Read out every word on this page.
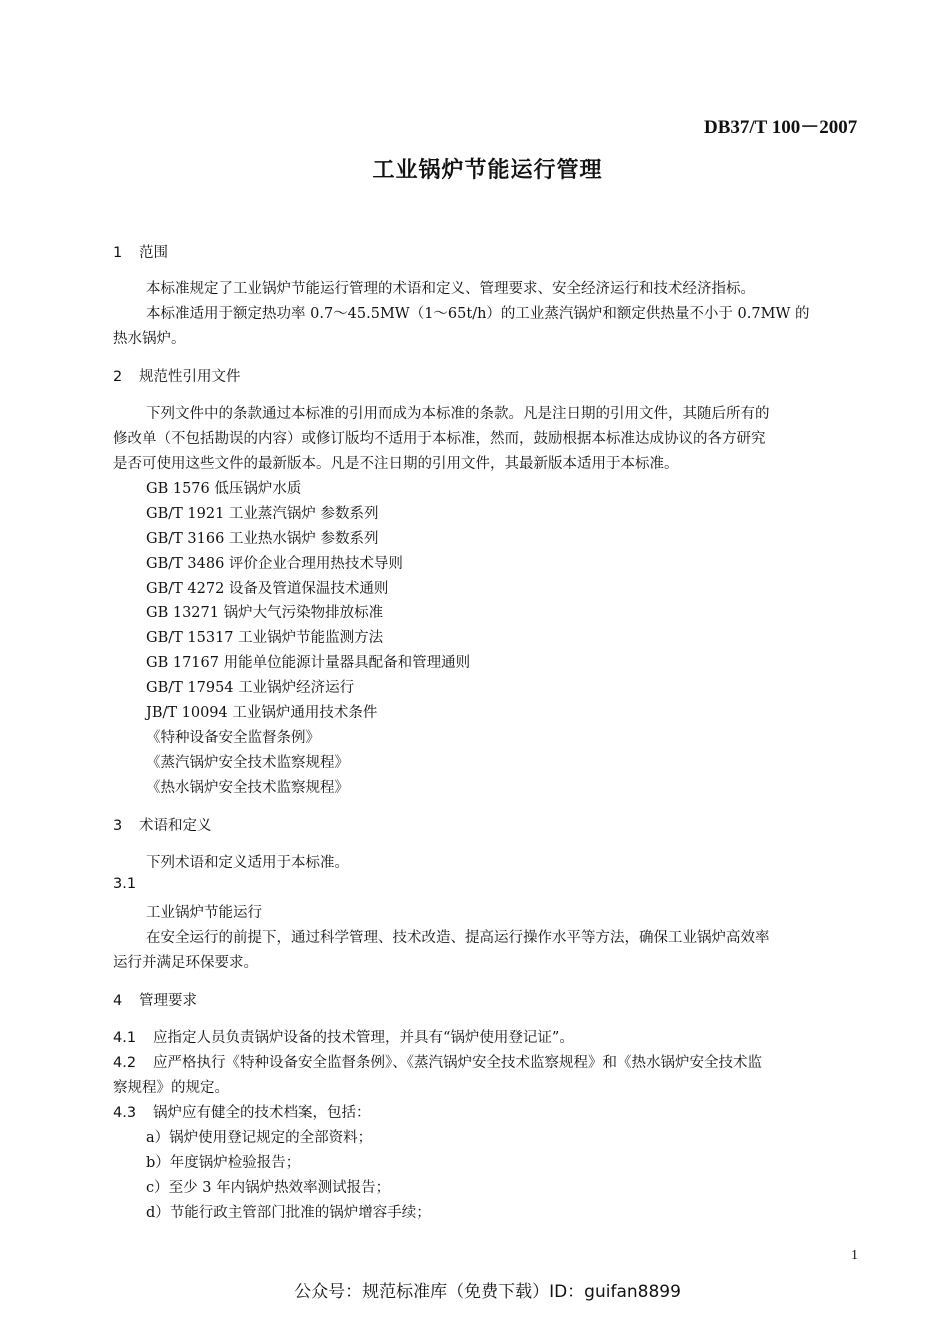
DB37/T 100－2007
工业锅炉节能运行管理
1 范围
本标准规定了工业锅炉节能运行管理的术语和定义、管理要求、安全经济运行和技术经济指标。
本标准适用于额定热功率 0.7～45.5MW（1～65t/h）的工业蒸汽锅炉和额定供热量不小于 0.7MW 的
热水锅炉。
2 规范性引用文件
下列文件中的条款通过本标准的引用而成为本标准的条款。凡是注日期的引用文件，其随后所有的
修改单（不包括勘误的内容）或修订版均不适用于本标准，然而，鼓励根据本标准达成协议的各方研究
是否可使用这些文件的最新版本。凡是不注日期的引用文件，其最新版本适用于本标准。
GB 1576 低压锅炉水质
GB/T 1921 工业蒸汽锅炉 参数系列
GB/T 3166 工业热水锅炉 参数系列
GB/T 3486 评价企业合理用热技术导则
GB/T 4272 设备及管道保温技术通则
GB 13271 锅炉大气污染物排放标准
GB/T 15317 工业锅炉节能监测方法
GB 17167 用能单位能源计量器具配备和管理通则
GB/T 17954 工业锅炉经济运行
JB/T 10094 工业锅炉通用技术条件
《特种设备安全监督条例》
《蒸汽锅炉安全技术监察规程》
《热水锅炉安全技术监察规程》
3 术语和定义
下列术语和定义适用于本标准。
3.1
工业锅炉节能运行
在安全运行的前提下，通过科学管理、技术改造、提高运行操作水平等方法，确保工业锅炉高效率
运行并满足环保要求。
4 管理要求
4.1 应指定人员负责锅炉设备的技术管理，并具有“锅炉使用登记证”。
4.2 应严格执行《特种设备安全监督条例》、《蒸汽锅炉安全技术监察规程》和《热水锅炉安全技术监
察规程》的规定。
4.3 锅炉应有健全的技术档案，包括：
a）锅炉使用登记规定的全部资料；
b）年度锅炉检验报告；
c）至少 3 年内锅炉热效率测试报告；
d）节能行政主管部门批准的锅炉增容手续；
1
公众号：规范标准库（免费下载）ID：guifan8899
